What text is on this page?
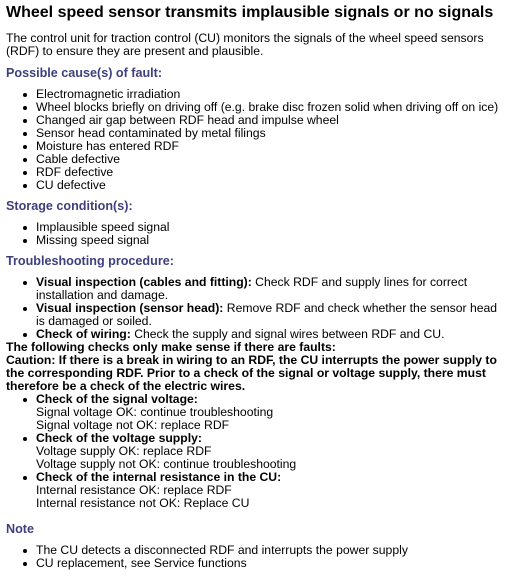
Wheel speed sensor transmits implausible signals or no signals

The control unit for traction control (CU) monitors the signals of the wheel speed sensors (RDF) to ensure they are present and plausible.

Possible cause(s) of fault:
Electromagnetic irradiation
Wheel blocks briefly on driving off (e.g. brake disc frozen solid when driving off on ice)
Changed air gap between RDF head and impulse wheel
Sensor head contaminated by metal filings
Moisture has entered RDF
Cable defective
RDF defective
CU defective
Storage condition(s):
Implausible speed signal
Missing speed signal
Troubleshooting procedure:
Visual inspection (cables and fitting): Check RDF and supply lines for correct installation and damage.
Visual inspection (sensor head): Remove RDF and check whether the sensor head is damaged or soiled.
Check of wiring: Check the supply and signal wires between RDF and CU.

The following checks only make sense if there are faults:

Caution: If there is a break in wiring to an RDF, the CU interrupts the power supply to the corresponding RDF. Prior to a check of the signal or voltage supply, there must therefore be a check of the electric wires.

Check of the signal voltage:
Signal voltage OK: continue troubleshooting
Signal voltage not OK: replace RDF
Check of the voltage supply:
Voltage supply OK: replace RDF
Voltage supply not OK: continue troubleshooting
Check of the internal resistance in the CU:
Internal resistance OK: replace RDF
Internal resistance not OK: Replace CU
Note
The CU detects a disconnected RDF and interrupts the power supply
CU replacement, see Service functions
